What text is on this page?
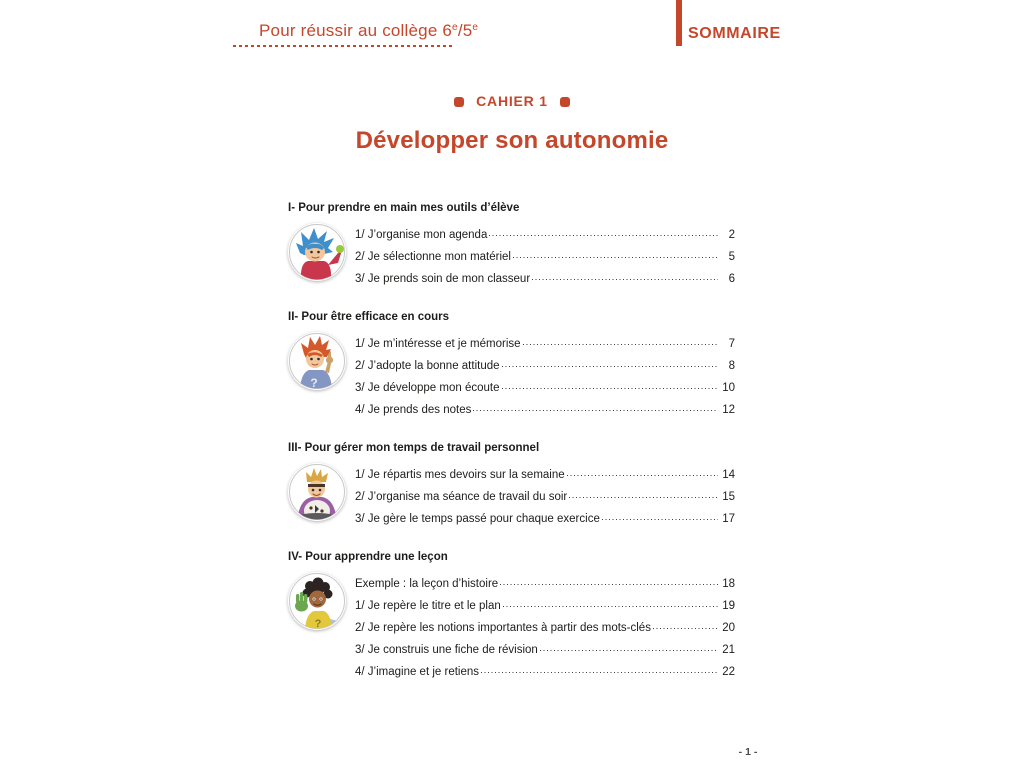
Pour réussir au collège 6e/5e	SOMMAIRE
CAHIER 1
Développer son autonomie
I- Pour prendre en main mes outils d’élève
1/ J’organise mon agenda	2
2/ Je sélectionne mon matériel	5
3/ Je prends soin de mon classeur	6
II- Pour être efficace en cours
1/ Je m’intéresse et je mémorise	7
2/ J’adopte la bonne attitude	8
3/ Je développe mon écoute	10
4/ Je prends des notes	12
III- Pour gérer mon temps de travail personnel
1/ Je répartis mes devoirs sur la semaine	14
2/ J’organise ma séance de travail du soir	15
3/ Je gère le temps passé pour chaque exercice	17
IV- Pour apprendre une leçon
Exemple : la leçon d’histoire	18
1/ Je repère le titre et le plan	19
2/ Je repère les notions importantes à partir des mots-clés	20
3/ Je construis une fiche de révision	21
4/ J’imagine et je retiens	22
- 1 -
